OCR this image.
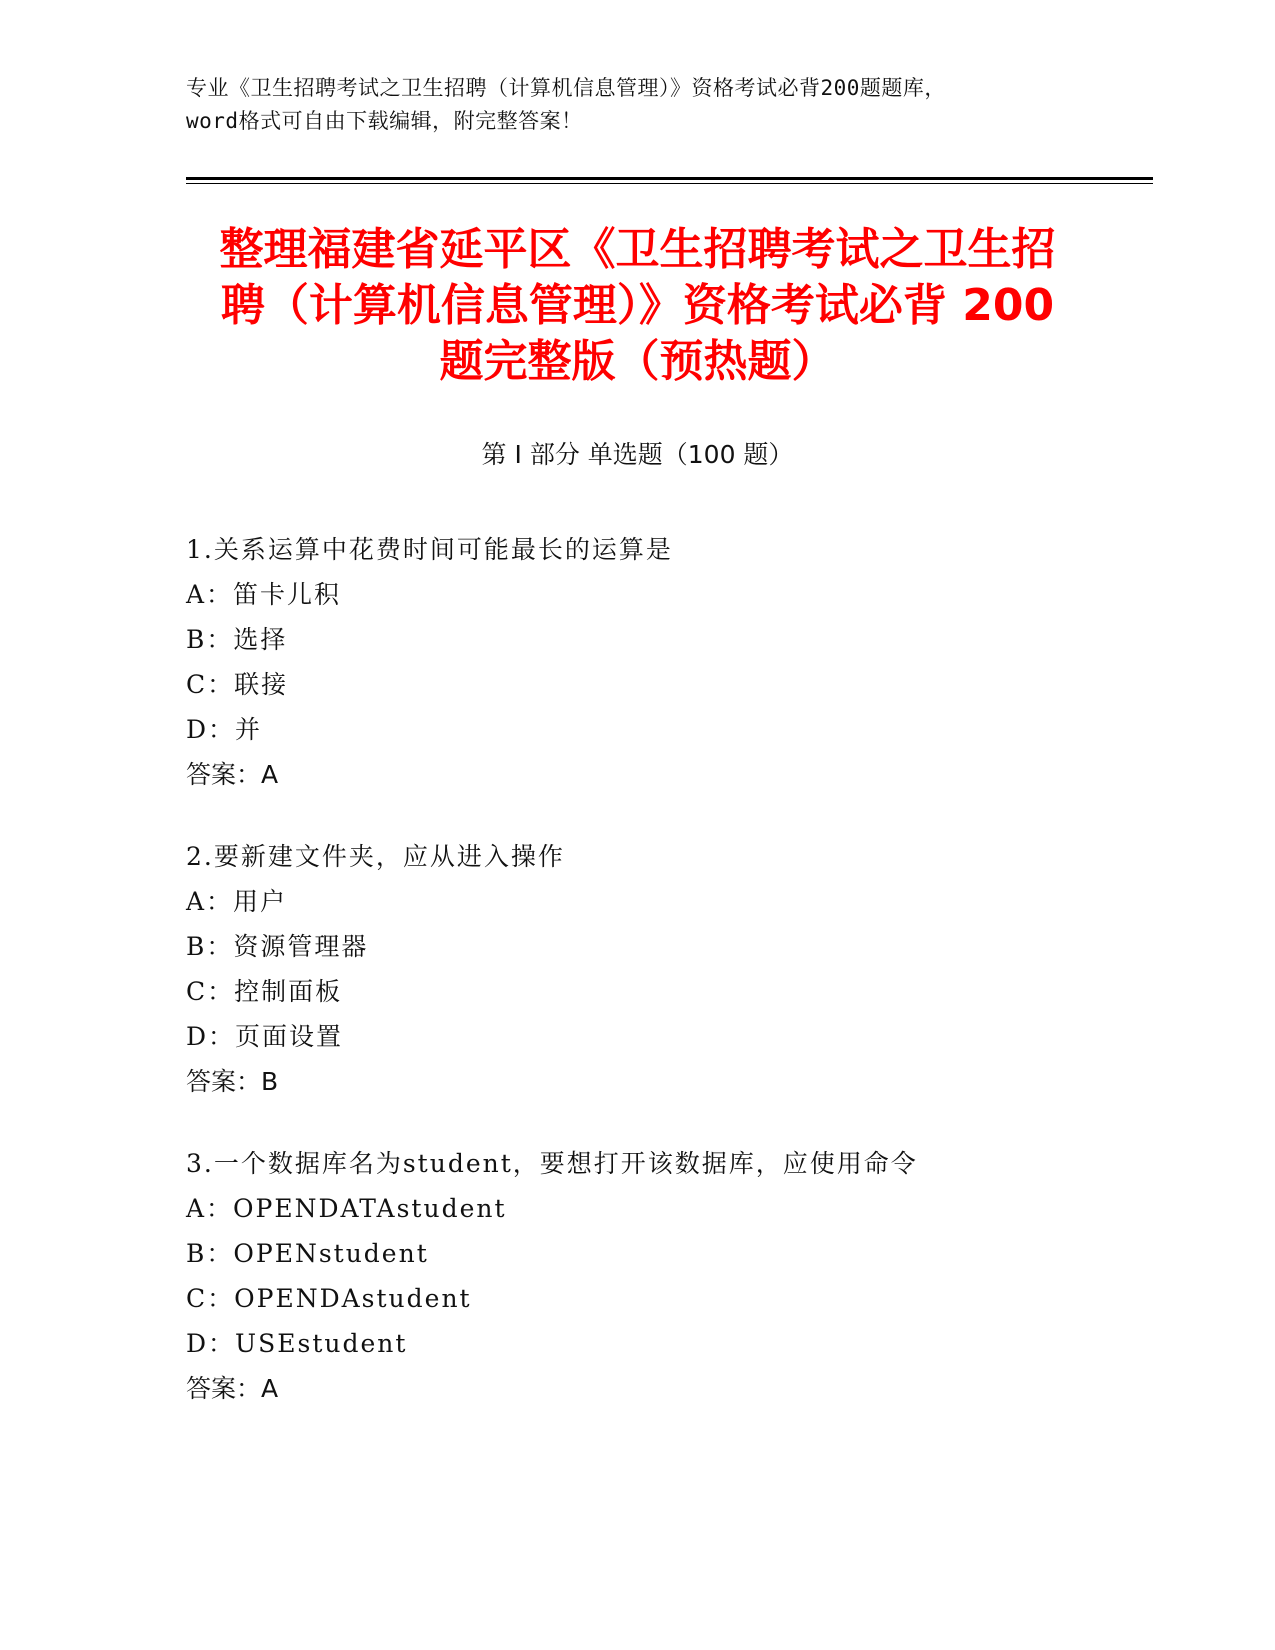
专业《卫生招聘考试之卫生招聘（计算机信息管理）》资格考试必背200题题库，
word格式可自由下载编辑，附完整答案！
整理福建省延平区《卫生招聘考试之卫生招
聘（计算机信息管理）》资格考试必背 200
题完整版（预热题）
第 I 部分 单选题（100 题）
1.关系运算中花费时间可能最长的运算是
A：笛卡儿积
B：选择
C：联接
D：并
答案：A
2.要新建文件夹，应从进入操作
A：用户
B：资源管理器
C：控制面板
D：页面设置
答案：B
3.一个数据库名为student，要想打开该数据库，应使用命令
A：OPENDATAstudent
B：OPENstudent
C：OPENDAstudent
D：USEstudent
答案：A
